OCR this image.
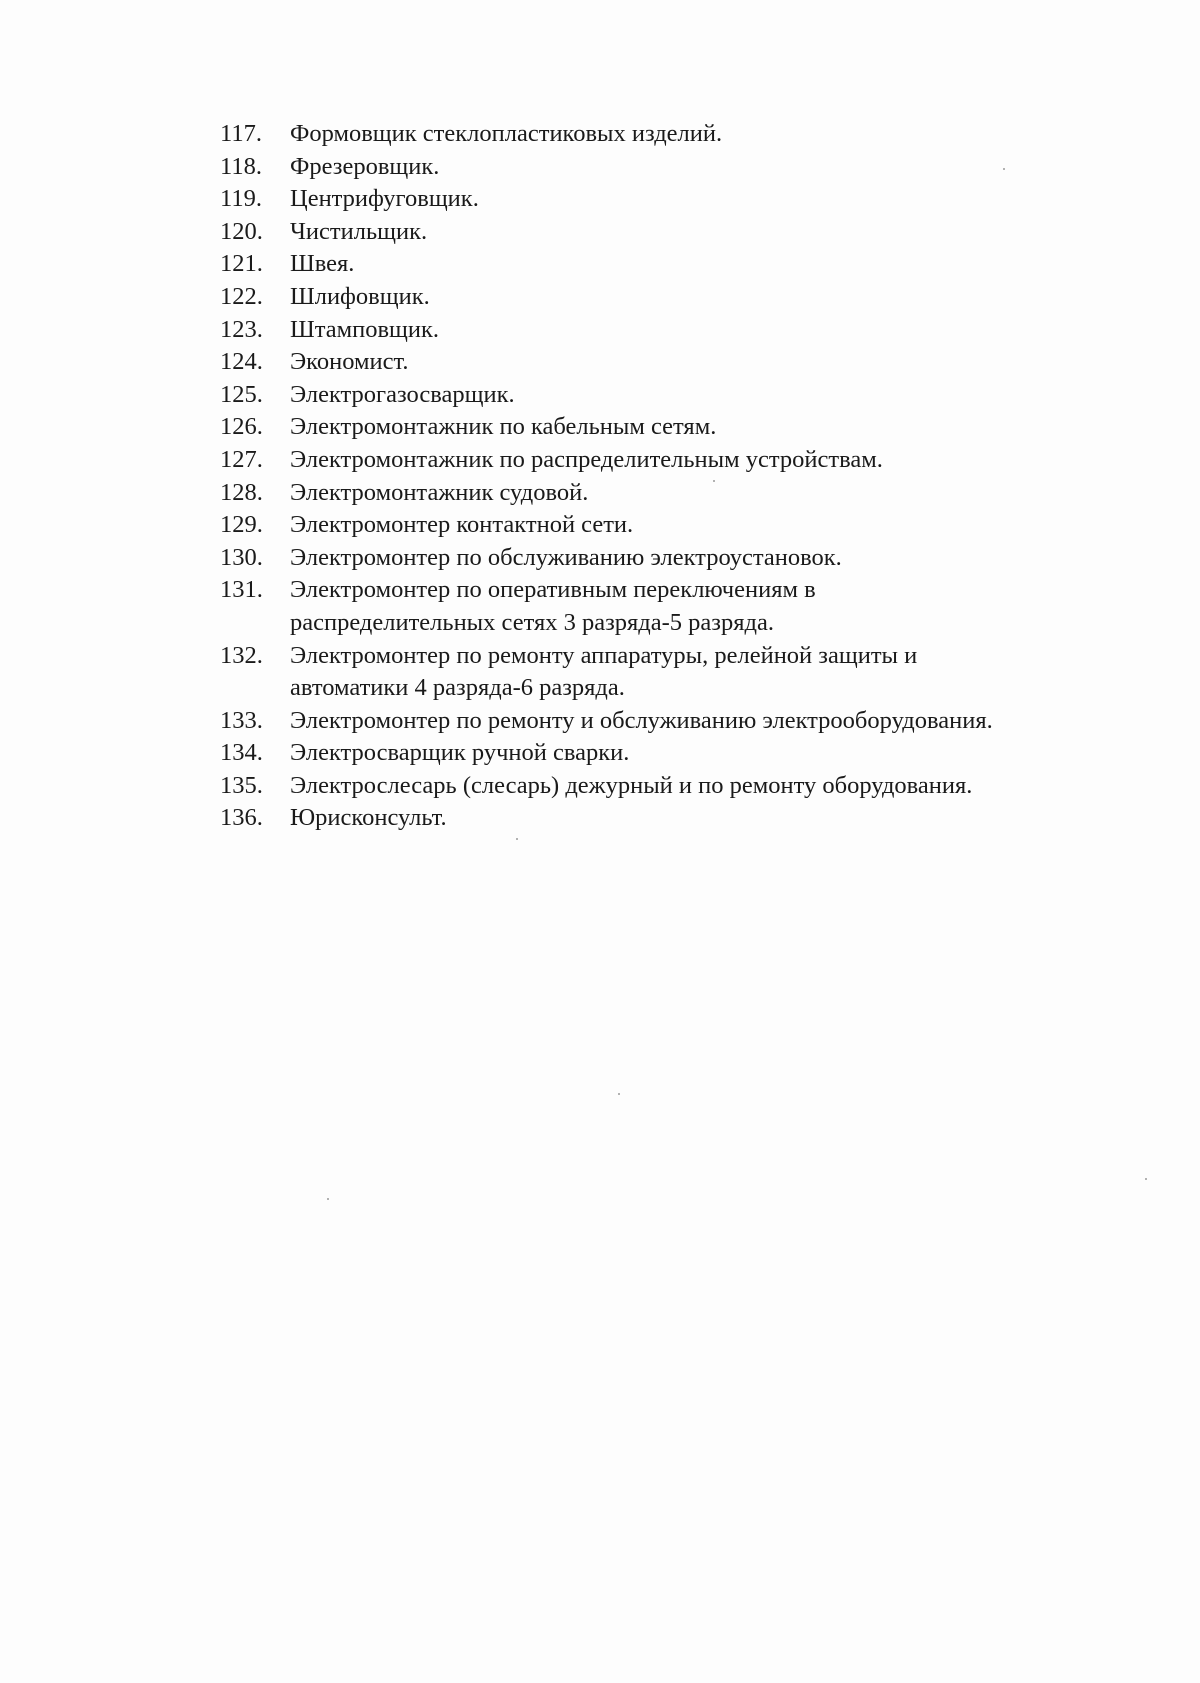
117.	Формовщик стеклопластиковых изделий.
118.	Фрезеровщик.
119.	Центрифуговщик.
120.	Чистильщик.
121.	Швея.
122.	Шлифовщик.
123.	Штамповщик.
124.	Экономист.
125.	Электрогазосварщик.
126.	Электромонтажник по кабельным сетям.
127.	Электромонтажник по распределительным устройствам.
128.	Электромонтажник судовой.
129.	Электромонтер контактной сети.
130.	Электромонтер по обслуживанию электроустановок.
131.	Электромонтер по оперативным переключениям в распределительных сетях 3 разряда-5 разряда.
132.	Электромонтер по ремонту аппаратуры, релейной защиты и автоматики 4 разряда-6 разряда.
133.	Электромонтер по ремонту и обслуживанию электрооборудования.
134.	Электросварщик ручной сварки.
135.	Электрослесарь (слесарь) дежурный и по ремонту оборудования.
136.	Юрисконсульт.
